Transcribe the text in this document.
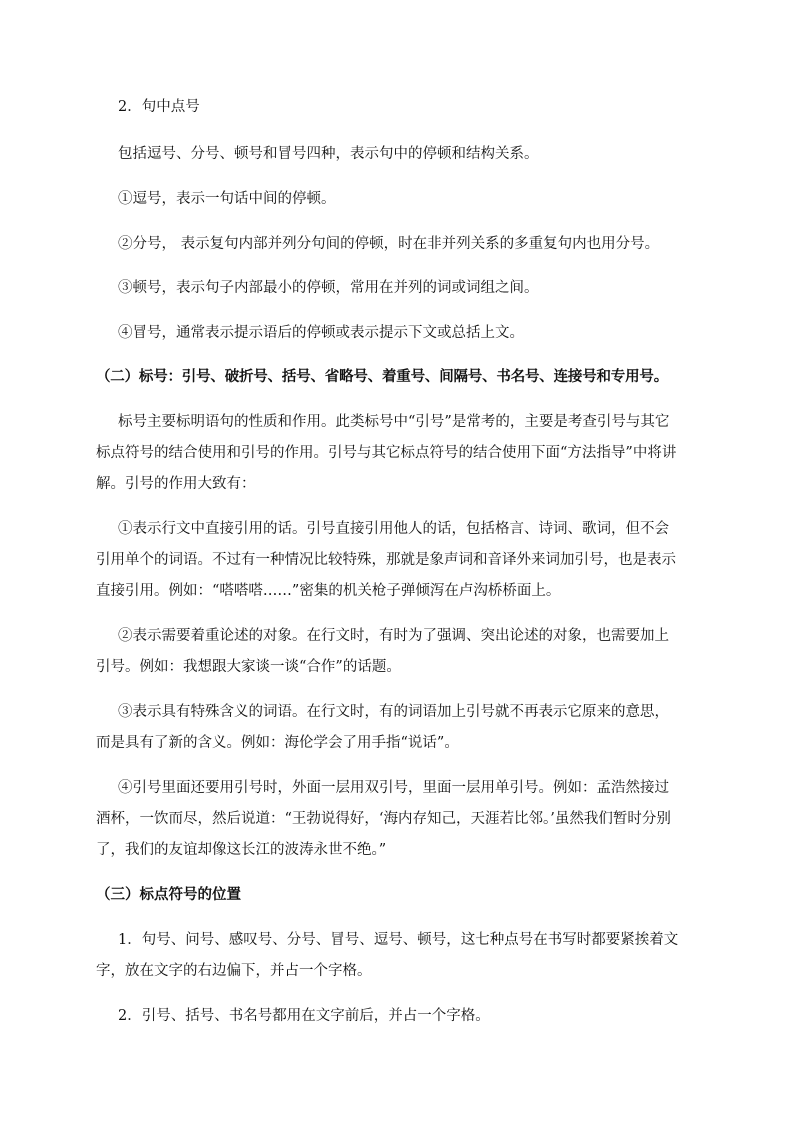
2．句中点号

包括逗号、分号、顿号和冒号四种，表示句中的停顿和结构关系。

①逗号，表示一句话中间的停顿。

②分号， 表示复句内部并列分句间的停顿，时在非并列关系的多重复句内也用分号。

③顿号，表示句子内部最小的停顿，常用在并列的词或词组之间。

④冒号，通常表示提示语后的停顿或表示提示下文或总括上文。

（二）标号：引号、破折号、括号、省略号、着重号、间隔号、书名号、连接号和专用号。

标号主要标明语句的性质和作用。此类标号中“引号”是常考的，主要是考查引号与其它标点符号的结合使用和引号的作用。引号与其它标点符号的结合使用下面“方法指导”中将讲解。引号的作用大致有：

①表示行文中直接引用的话。引号直接引用他人的话，包括格言、诗词、歌词，但不会引用单个的词语。不过有一种情况比较特殊，那就是象声词和音译外来词加引号，也是表示直接引用。例如：“嗒嗒嗒……”密集的机关枪子弹倾泻在卢沟桥桥面上。

②表示需要着重论述的对象。在行文时，有时为了强调、突出论述的对象，也需要加上引号。例如：我想跟大家谈一谈“合作”的话题。

③表示具有特殊含义的词语。在行文时，有的词语加上引号就不再表示它原来的意思，而是具有了新的含义。例如：海伦学会了用手指“说话”。

④引号里面还要用引号时，外面一层用双引号，里面一层用单引号。例如：孟浩然接过酒杯，一饮而尽，然后说道：“王勃说得好，‘海内存知己，天涯若比邻。’虽然我们暂时分别了，我们的友谊却像这长江的波涛永世不绝。”

（三）标点符号的位置

1．句号、问号、感叹号、分号、冒号、逗号、顿号，这七种点号在书写时都要紧挨着文字，放在文字的右边偏下，并占一个字格。

2．引号、括号、书名号都用在文字前后，并占一个字格。
